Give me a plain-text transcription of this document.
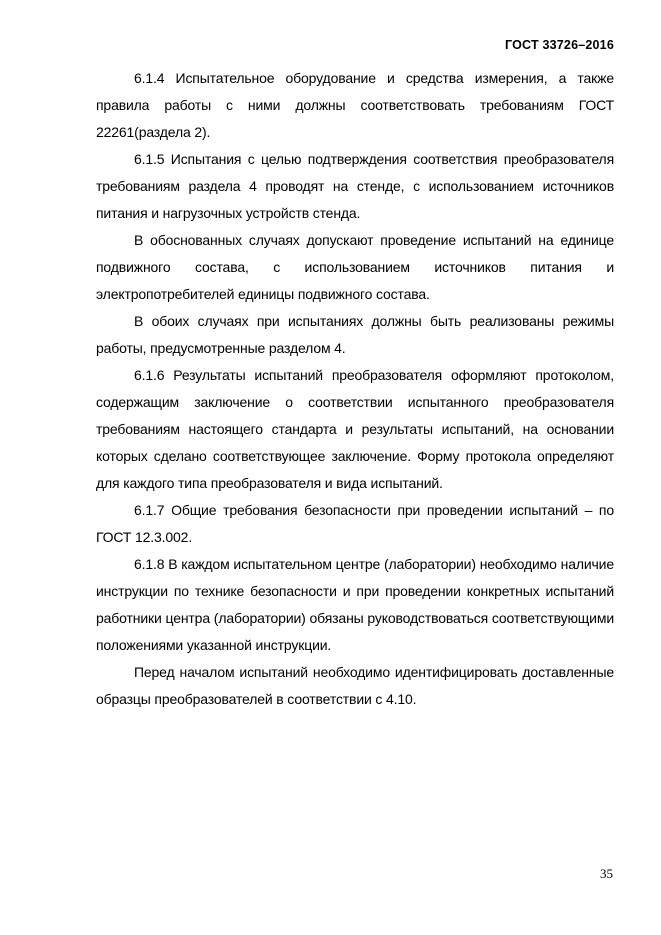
ГОСТ 33726–2016

6.1.4 Испытательное оборудование и средства измерения, а также правила работы с ними должны соответствовать требованиям ГОСТ 22261(раздела 2).

6.1.5 Испытания с целью подтверждения соответствия преобразователя требованиям раздела 4 проводят на стенде, с использованием источников питания и нагрузочных устройств стенда.

В обоснованных случаях допускают проведение испытаний на единице подвижного состава, с использованием источников питания и электропотребителей единицы подвижного состава.

В обоих случаях при испытаниях должны быть реализованы режимы работы, предусмотренные разделом 4.

6.1.6 Результаты испытаний преобразователя оформляют протоколом, содержащим заключение о соответствии испытанного преобразователя требованиям настоящего стандарта и результаты испытаний, на основании которых сделано соответствующее заключение. Форму протокола определяют для каждого типа преобразователя и вида испытаний.

6.1.7 Общие требования безопасности при проведении испытаний – по ГОСТ 12.3.002.

6.1.8 В каждом испытательном центре (лаборатории) необходимо наличие инструкции по технике безопасности и при проведении конкретных испытаний работники центра (лаборатории) обязаны руководствоваться соответствующими положениями указанной инструкции.

Перед началом испытаний необходимо идентифицировать доставленные образцы преобразователей в соответствии с 4.10.

35
